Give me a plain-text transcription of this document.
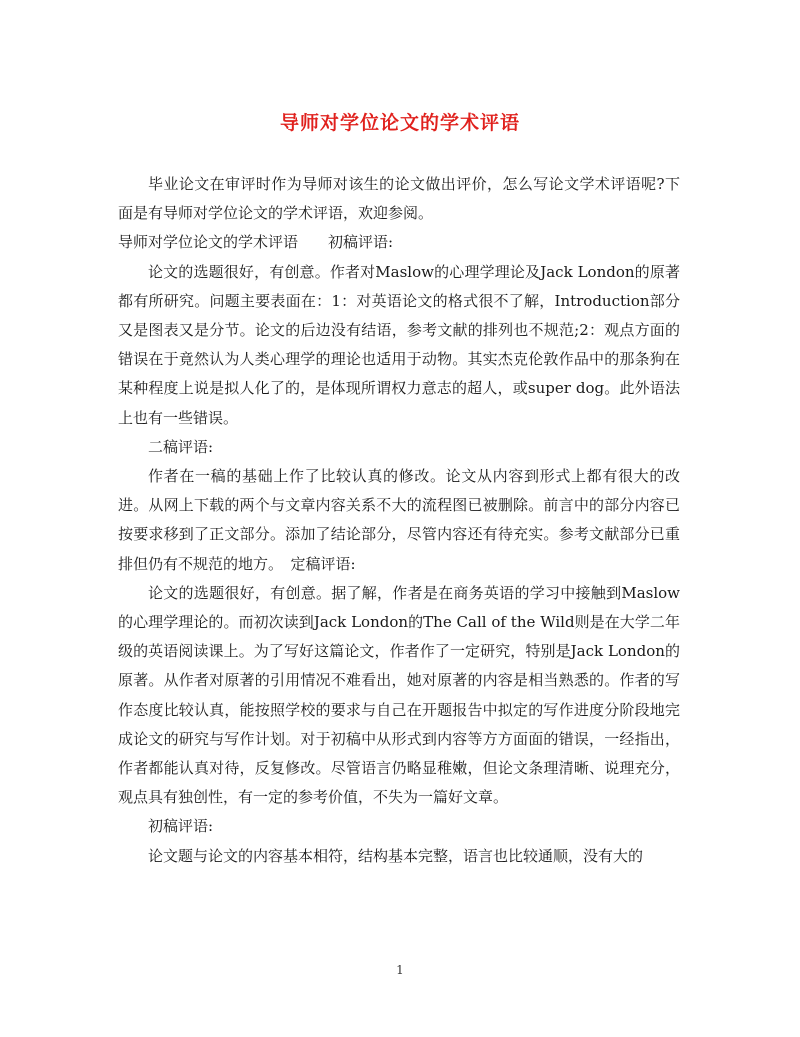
导师对学位论文的学术评语

毕业论文在审评时作为导师对该生的论文做出评价，怎么写论文学术评语呢?下面是有导师对学位论文的学术评语，欢迎参阅。

导师对学位论文的学术评语　　初稿评语:

论文的选题很好，有创意。作者对Maslow的心理学理论及Jack London的原著都有所研究。问题主要表面在：1：对英语论文的格式很不了解，Introduction部分又是图表又是分节。论文的后边没有结语，参考文献的排列也不规范;2：观点方面的错误在于竟然认为人类心理学的理论也适用于动物。其实杰克伦敦作品中的那条狗在某种程度上说是拟人化了的，是体现所谓权力意志的超人，或super dog。此外语法上也有一些错误。

二稿评语:

作者在一稿的基础上作了比较认真的修改。论文从内容到形式上都有很大的改进。从网上下载的两个与文章内容关系不大的流程图已被删除。前言中的部分内容已按要求移到了正文部分。添加了结论部分，尽管内容还有待充实。参考文献部分已重排但仍有不规范的地方。　定稿评语:

论文的选题很好，有创意。据了解，作者是在商务英语的学习中接触到Maslow的心理学理论的。而初次读到Jack London的The Call of the Wild则是在大学二年级的英语阅读课上。为了写好这篇论文，作者作了一定研究，特别是Jack London的原著。从作者对原著的引用情况不难看出，她对原著的内容是相当熟悉的。作者的写作态度比较认真，能按照学校的要求与自己在开题报告中拟定的写作进度分阶段地完成论文的研究与写作计划。对于初稿中从形式到内容等方方面面的错误，一经指出，作者都能认真对待，反复修改。尽管语言仍略显稚嫩，但论文条理清晰、说理充分，观点具有独创性，有一定的参考价值，不失为一篇好文章。

初稿评语:

论文题与论文的内容基本相符，结构基本完整，语言也比较通顺，没有大的

1
